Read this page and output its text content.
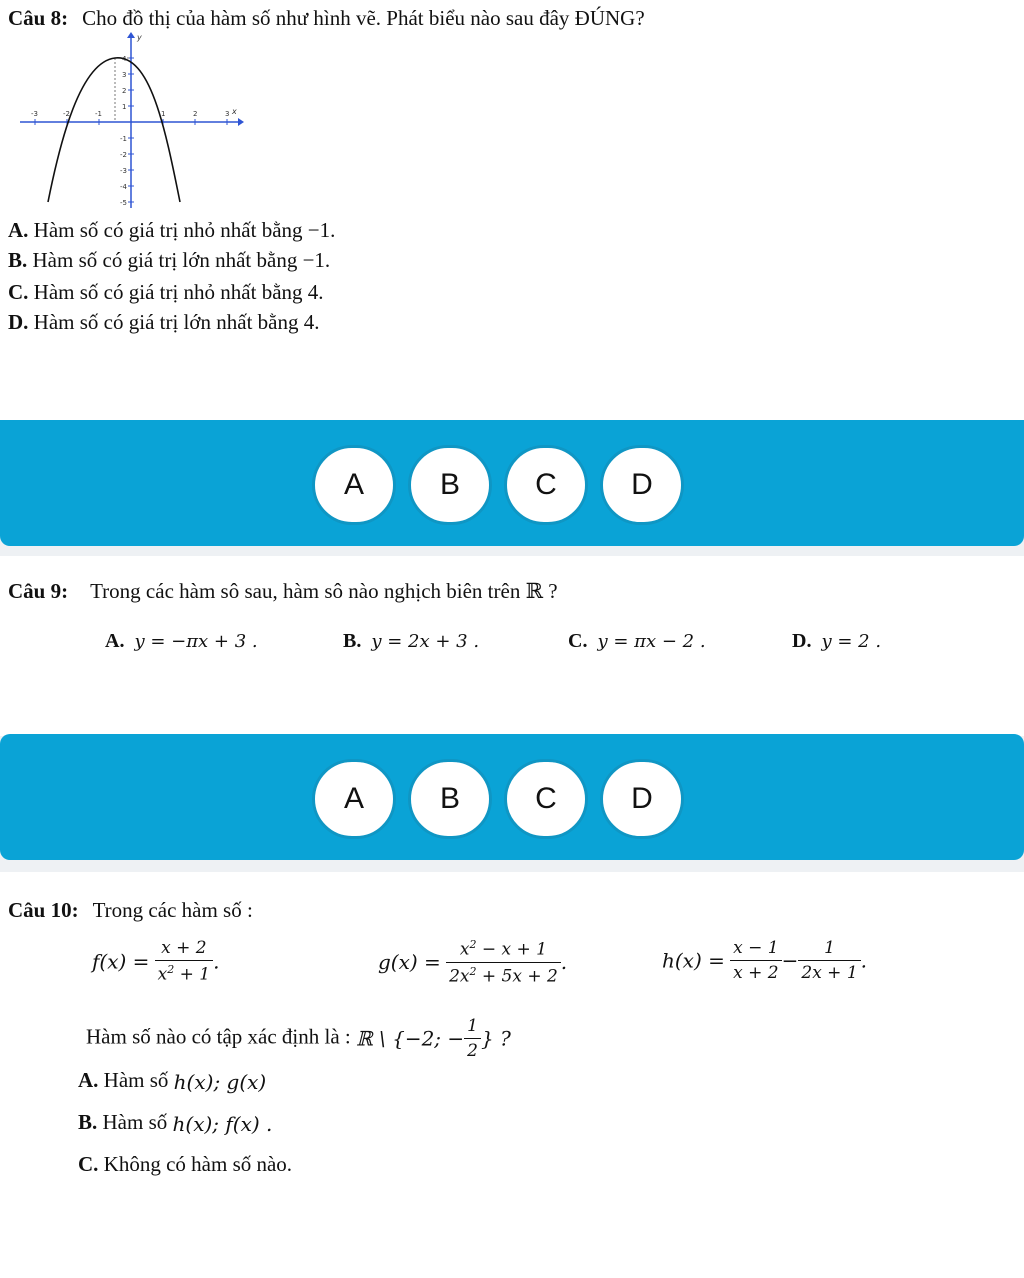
Câu 8: Cho đồ thị của hàm số như hình vẽ. Phát biểu nào sau đây ĐÚNG?
-3	-2	-1	1	2	3
4
3
2
1
-1
-2
-3
-4
-5
x
y
A. Hàm số có giá trị nhỏ nhất bằng −1.
B. Hàm số có giá trị lớn nhất bằng −1.
C. Hàm số có giá trị nhỏ nhất bằng 4.
D. Hàm số có giá trị lớn nhất bằng 4.
A	B	C	D
Câu 9: Trong các hàm sô sau, hàm sô nào nghịch biên trên ℝ ?
A. y = −πx + 3 .	B. y = 2x + 3 .	C. y = πx − 2 .	D. y = 2 .
A	B	C	D
Câu 10: Trong các hàm số :
$f(x) = \frac{x + 2}{x^2 + 1}$ .	$g(x) = \frac{x^2 - x + 1}{2x^2 + 5x + 2}$ .	$h(x) = \frac{x - 1}{x + 2} - \frac{1}{2x + 1}$ .
Hàm số nào có tập xác định là : ℝ \ {−2; − $\frac{1}{2}$ } ?
A. Hàm số h(x); g(x)
B. Hàm số h(x); f(x) .
C. Không có hàm số nào.
